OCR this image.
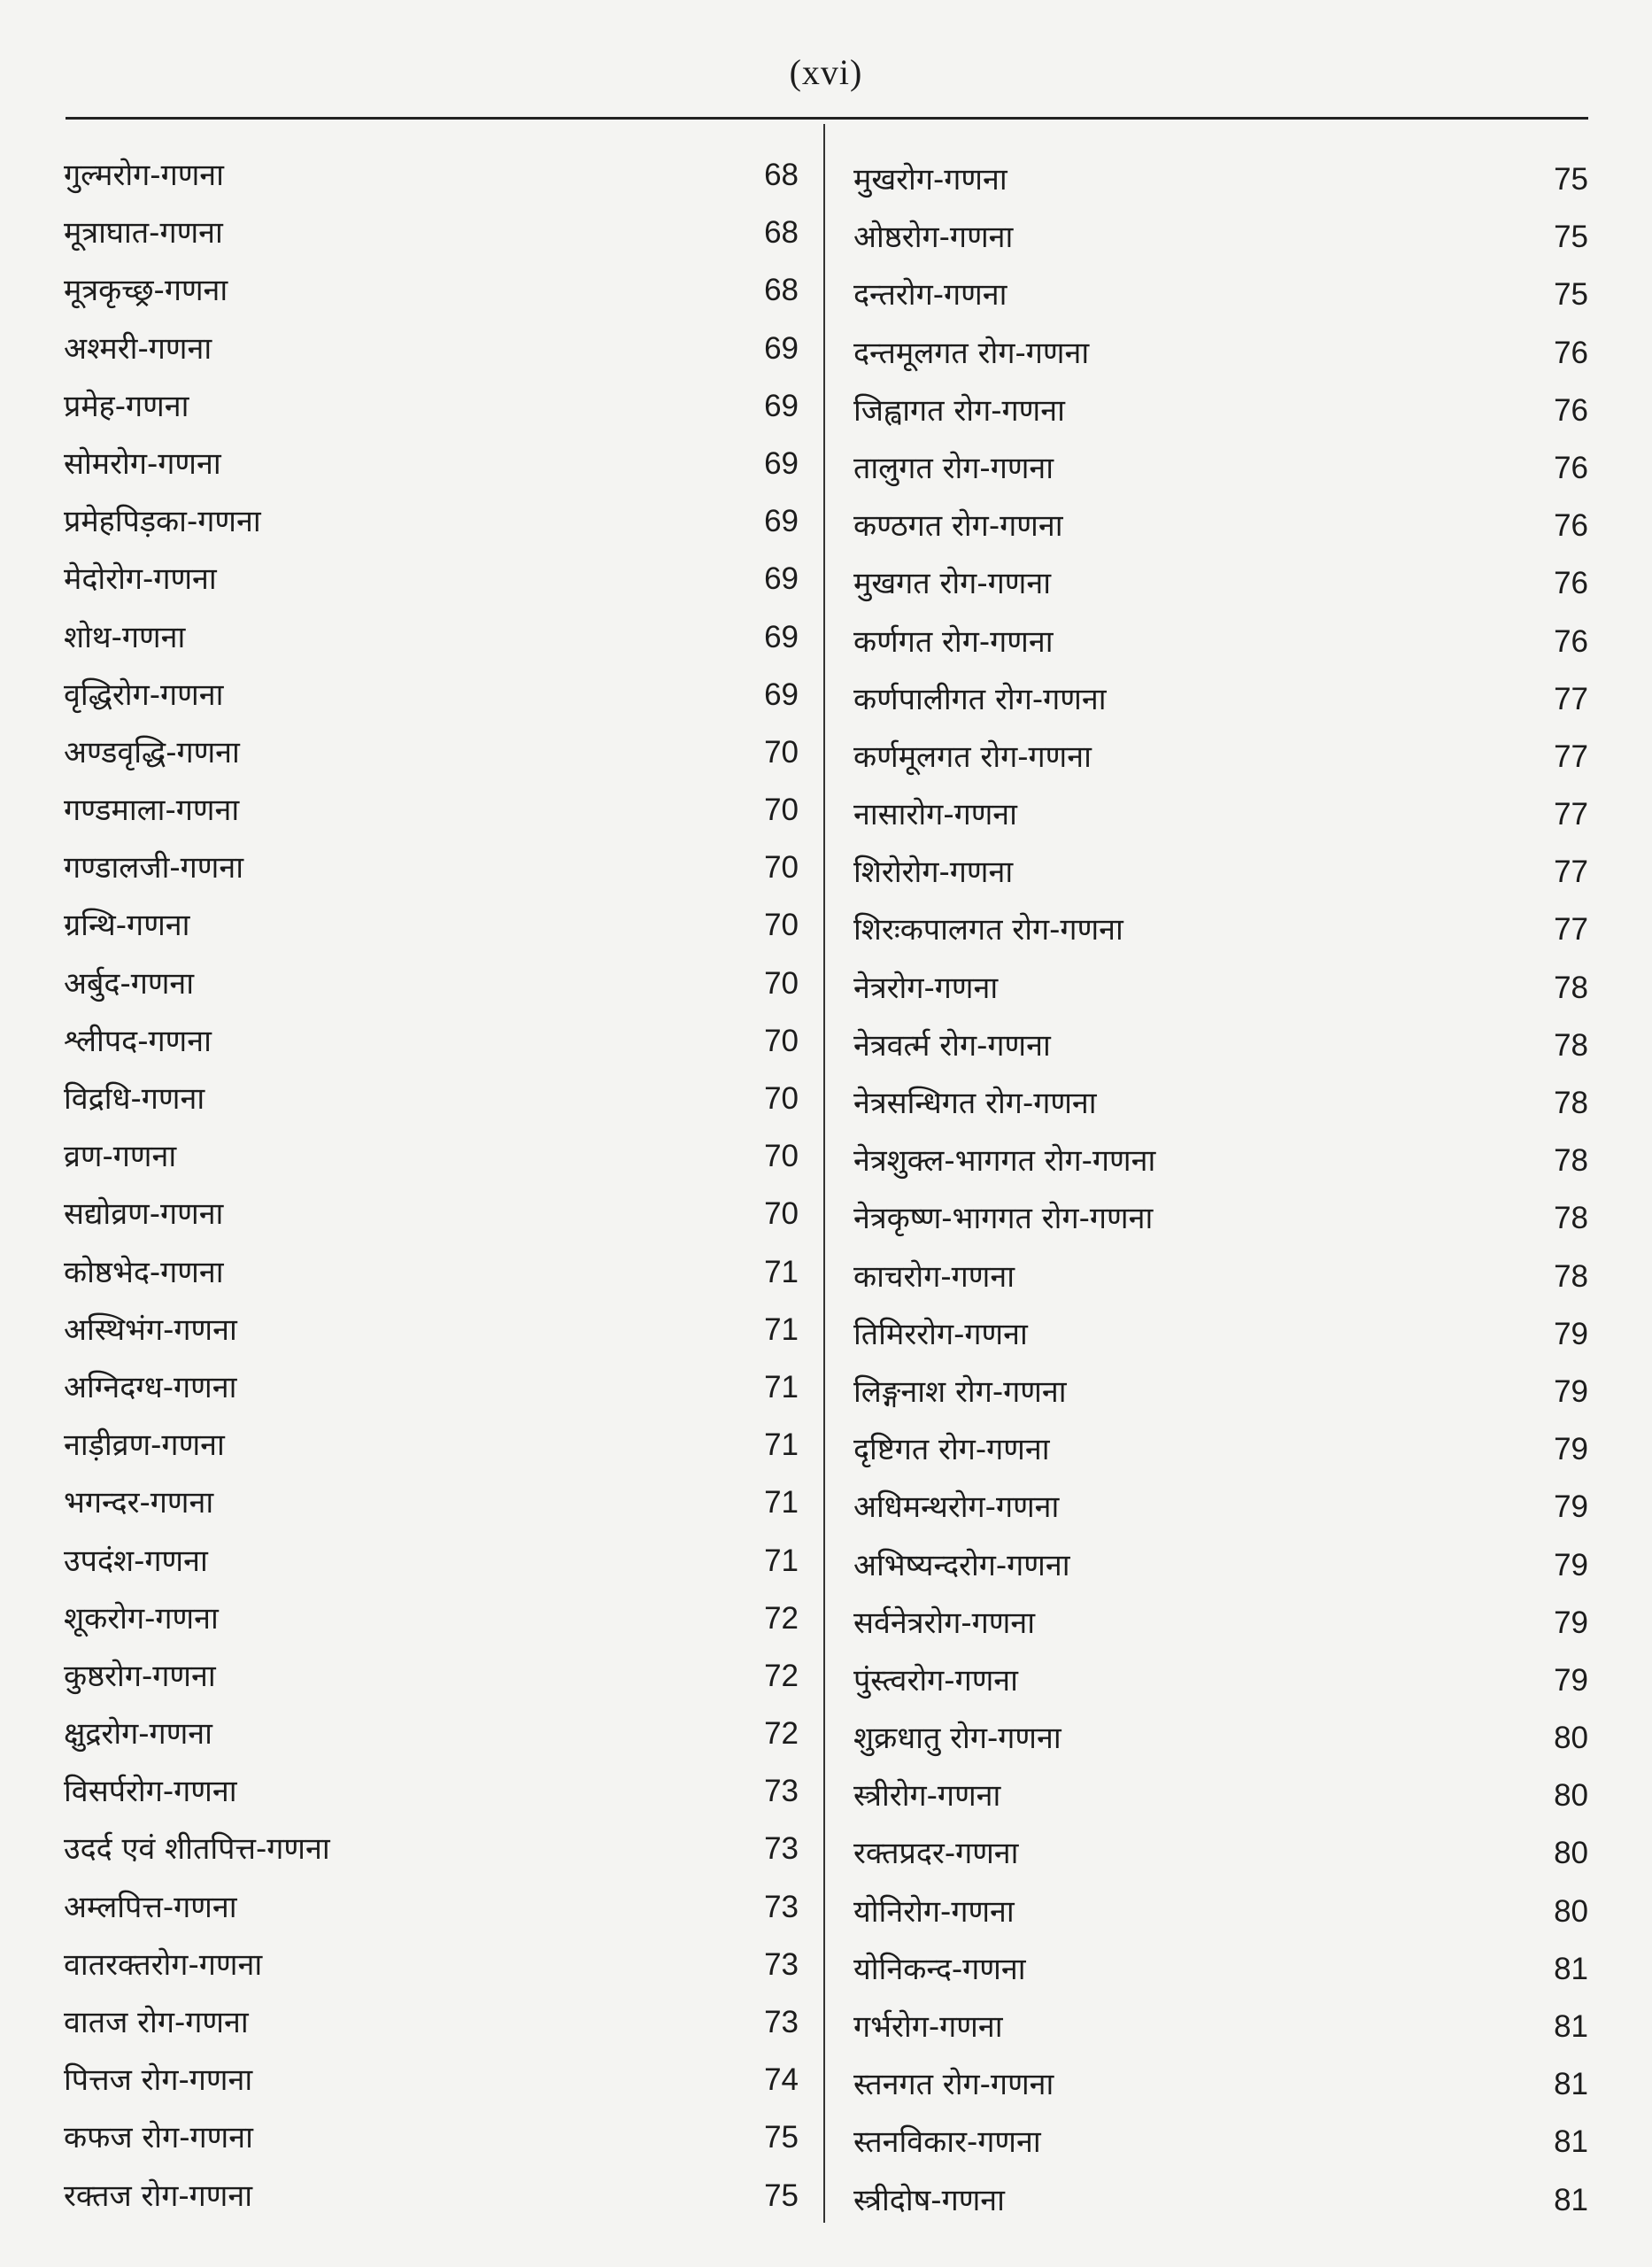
(xvi)
गुल्मरोग-गणना	68
मूत्राघात-गणना	68
मूत्रकृच्छ्र-गणना	68
अश्मरी-गणना	69
प्रमेह-गणना	69
सोमरोग-गणना	69
प्रमेहपिड़का-गणना	69
मेदोरोग-गणना	69
शोथ-गणना	69
वृद्धिरोग-गणना	69
अण्डवृद्धि-गणना	70
गण्डमाला-गणना	70
गण्डालजी-गणना	70
ग्रन्थि-गणना	70
अर्बुद-गणना	70
श्लीपद-गणना	70
विद्रधि-गणना	70
व्रण-गणना	70
सद्योव्रण-गणना	70
कोष्ठभेद-गणना	71
अस्थिभंग-गणना	71
अग्निदग्ध-गणना	71
नाड़ीव्रण-गणना	71
भगन्दर-गणना	71
उपदंश-गणना	71
शूकरोग-गणना	72
कुष्ठरोग-गणना	72
क्षुद्ररोग-गणना	72
विसर्परोग-गणना	73
उदर्द एवं शीतपित्त-गणना	73
अम्लपित्त-गणना	73
वातरक्तरोग-गणना	73
वातज रोग-गणना	73
पित्तज रोग-गणना	74
कफज रोग-गणना	75
रक्तज रोग-गणना	75
मुखरोग-गणना	75
ओष्ठरोग-गणना	75
दन्तरोग-गणना	75
दन्तमूलगत रोग-गणना	76
जिह्वागत रोग-गणना	76
तालुगत रोग-गणना	76
कण्ठगत रोग-गणना	76
मुखगत रोग-गणना	76
कर्णगत रोग-गणना	76
कर्णपालीगत रोग-गणना	77
कर्णमूलगत रोग-गणना	77
नासारोग-गणना	77
शिरोरोग-गणना	77
शिरःकपालगत रोग-गणना	77
नेत्ररोग-गणना	78
नेत्रवर्त्म रोग-गणना	78
नेत्रसन्धिगत रोग-गणना	78
नेत्रशुक्ल-भागगत रोग-गणना	78
नेत्रकृष्ण-भागगत रोग-गणना	78
काचरोग-गणना	78
तिमिररोग-गणना	79
लिङ्गनाश रोग-गणना	79
दृष्टिगत रोग-गणना	79
अधिमन्थरोग-गणना	79
अभिष्यन्दरोग-गणना	79
सर्वनेत्ररोग-गणना	79
पुंस्त्वरोग-गणना	79
शुक्रधातु रोग-गणना	80
स्त्रीरोग-गणना	80
रक्तप्रदर-गणना	80
योनिरोग-गणना	80
योनिकन्द-गणना	81
गर्भरोग-गणना	81
स्तनगत रोग-गणना	81
स्तनविकार-गणना	81
स्त्रीदोष-गणना	81
